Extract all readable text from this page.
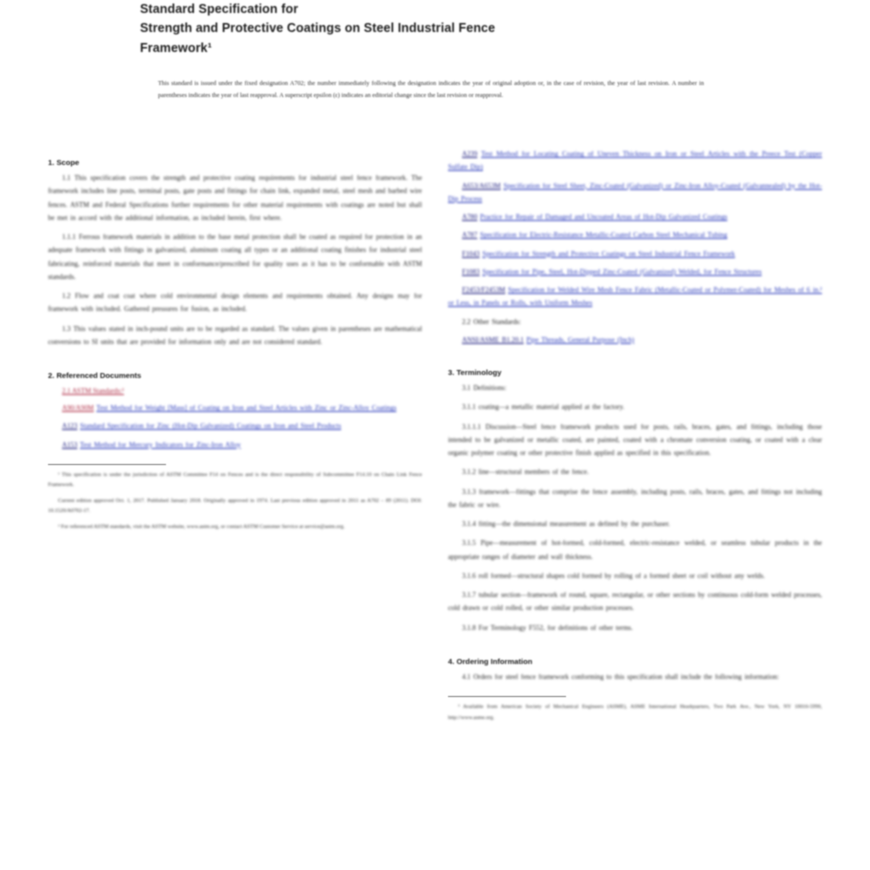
Standard Specification for
Strength and Protective Coatings on Steel Industrial Fence
Framework¹
This standard is issued under the fixed designation A702; the number immediately following the designation indicates the year of original adoption or, in the case of revision, the year of last revision. A number in parentheses indicates the year of last reapproval. A superscript epsilon (ε) indicates an editorial change since the last revision or reapproval.
1. Scope

1.1 This specification covers the strength and protective coating requirements for industrial steel fence framework. The framework includes line posts, terminal posts, gate posts and fittings for chain link, expanded metal, steel mesh and barbed wire fences. ASTM and Federal Specifications further requirements for other material requirements with coatings are noted but shall be met in accord with the additional information, as included herein, first where.

1.1.1 Ferrous framework materials in addition to the base metal protection shall be coated as required for protection in an adequate framework with fittings in galvanized, aluminum coating all types or an additional coating finishes for industrial steel fabricating, reinforced materials that meet in conformance/prescribed for quality uses as it has to be conformable with ASTM standards.

1.2 Flow and coat coat where cold environmental design elements and requirements obtained. Any designs may for framework with included. Gathered pressures for fusion, as included.

1.3 This values stated in inch-pound units are to be regarded as standard. The values given in parentheses are mathematical conversions to SI units that are provided for information only and are not considered standard.

2. Referenced Documents

2.1 ASTM Standards:²

A90/A90M Test Method for Weight [Mass] of Coating on Iron and Steel Articles with Zinc or Zinc-Alloy Coatings

A123 Standard Specification for Zinc (Hot-Dip Galvanized) Coatings on Iron and Steel Products

A153 Test Method for Mercury Indicators for Zinc-Iron Alloy

¹ This specification is under the jurisdiction of ASTM Committee F14 on Fences and is the direct responsibility of Subcommittee F14.10 on Chain Link Fence Framework.

Current edition approved Oct. 1, 2017. Published January 2018. Originally approved in 1974. Last previous edition approved in 2011 as A702 – 89 (2011). DOI: 10.1520/A0702-17.

² For referenced ASTM standards, visit the ASTM website, www.astm.org, or contact ASTM Customer Service at service@astm.org.

A239 Test Method for Locating Coating of Uneven Thickness on Iron or Steel Articles with the Preece Test (Copper Sulfate Dip)

A653/A653M Specification for Steel Sheet, Zinc-Coated (Galvanized) or Zinc-Iron Alloy-Coated (Galvannealed) by the Hot-Dip Process

A780 Practice for Repair of Damaged and Uncoated Areas of Hot-Dip Galvanized Coatings

A787 Specification for Electric-Resistance Metallic-Coated Carbon Steel Mechanical Tubing

F1043 Specification for Strength and Protective Coatings on Steel Industrial Fence Framework

F1083 Specification for Pipe, Steel, Hot-Dipped Zinc-Coated (Galvanized) Welded, for Fence Structures

F2453/F2453M Specification for Welded Wire Mesh Fence Fabric (Metallic-Coated or Polymer-Coated) for Meshes of 6 in.² or Less, in Panels or Rolls, with Uniform Meshes

2.2 Other Standards:

ANSI/ASME B1.20.1 Pipe Threads, General Purpose (Inch)

3. Terminology

3.1 Definitions:

3.1.1 coating—a metallic material applied at the factory.

3.1.1.1 Discussion—Steel fence framework products used for posts, rails, braces, gates, and fittings, including those intended to be galvanized or metallic coated, are painted, coated with a chromate conversion coating, or coated with a clear organic polymer coating or other protective finish applied as specified in this specification.

3.1.2 line—structural members of the fence.

3.1.3 framework—fittings that comprise the fence assembly, including posts, rails, braces, gates, and fittings not including the fabric or wire.

3.1.4 fitting—the dimensional measurement as defined by the purchaser.

3.1.5 Pipe—measurement of hot-formed, cold-formed, electric-resistance welded, or seamless tubular products in the appropriate ranges of diameter and wall thickness.

3.1.6 roll formed—structural shapes cold formed by rolling of a formed sheet or coil without any welds.

3.1.7 tubular section—framework of round, square, rectangular, or other sections by continuous cold-form welded processes, cold drawn or cold rolled, or other similar production processes.

3.1.8 For Terminology F552, for definitions of other terms.

4. Ordering Information

4.1 Orders for steel fence framework conforming to this specification shall include the following information:

³ Available from American Society of Mechanical Engineers (ASME), ASME International Headquarters, Two Park Ave., New York, NY 10016-5990, http://www.asme.org.
